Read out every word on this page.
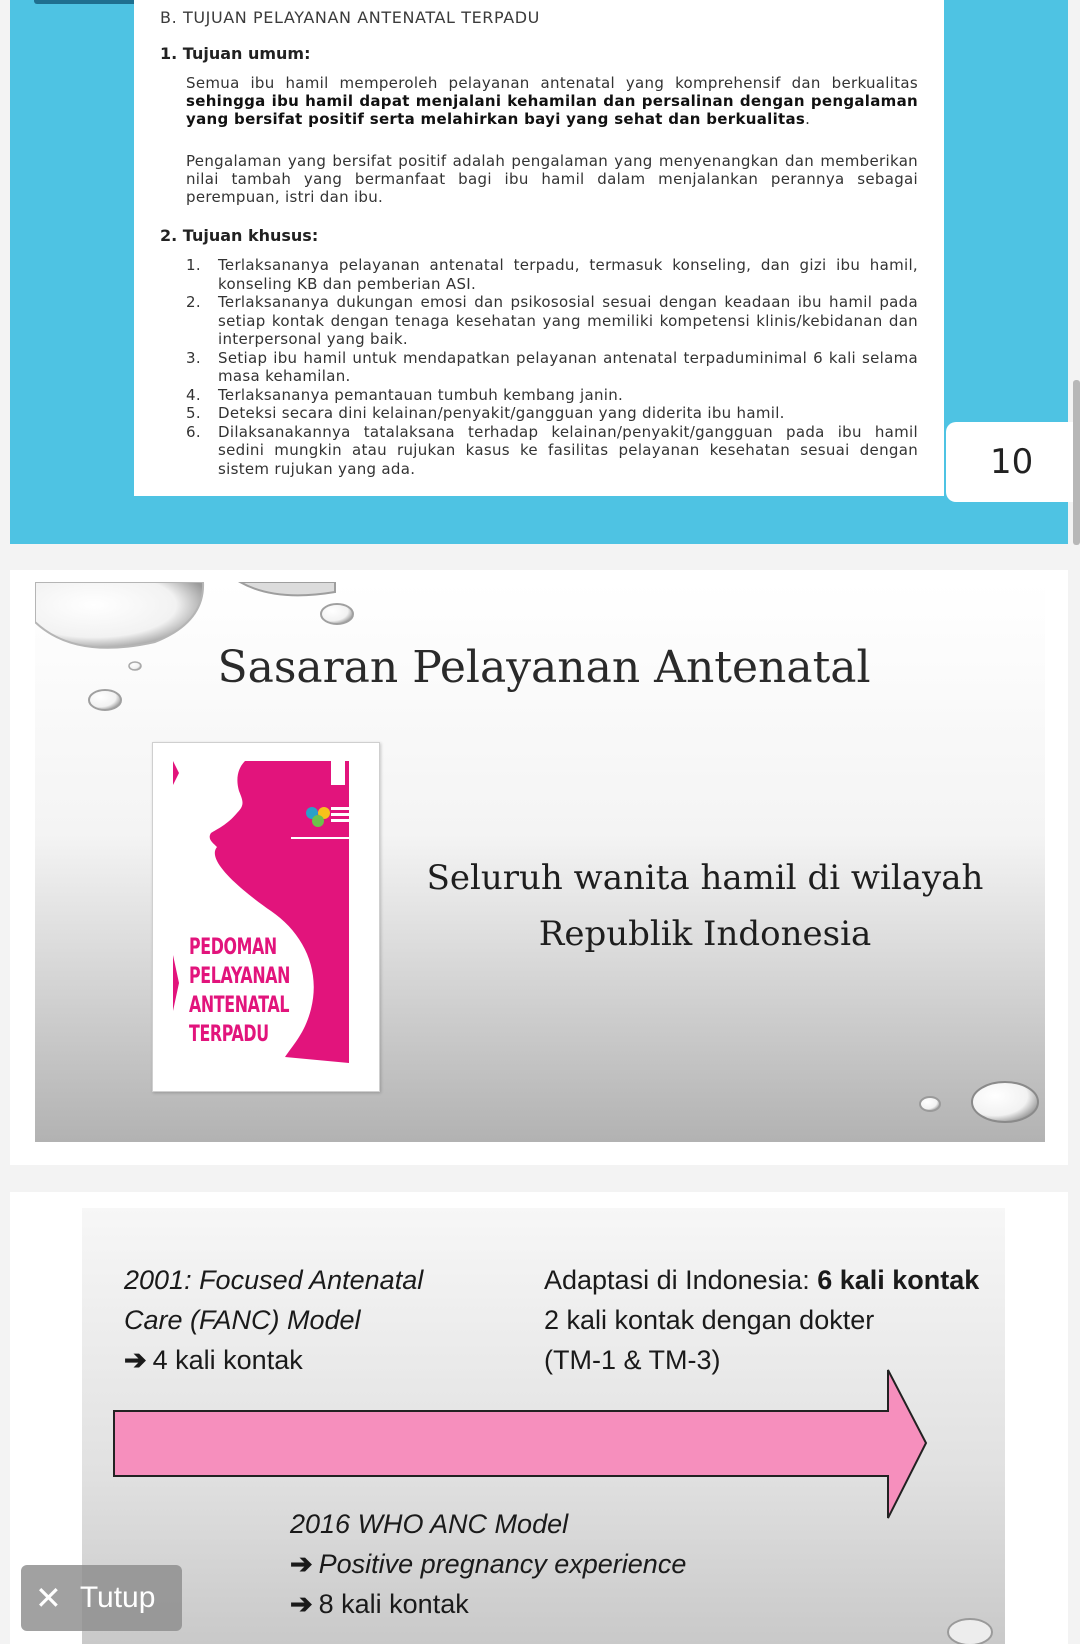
B. TUJUAN PELAYANAN ANTENATAL TERPADU
1. Tujuan umum:
Semua ibu hamil memperoleh pelayanan antenatal yang komprehensif dan berkualitas sehingga ibu hamil dapat menjalani kehamilan dan persalinan dengan pengalaman yang bersifat positif serta melahirkan bayi yang sehat dan berkualitas.
Pengalaman yang bersifat positif adalah pengalaman yang menyenangkan dan memberikan nilai tambah yang bermanfaat bagi ibu hamil dalam menjalankan perannya sebagai perempuan, istri dan ibu.
2. Tujuan khusus:
1. Terlaksananya pelayanan antenatal terpadu, termasuk konseling, dan gizi ibu hamil, konseling KB dan pemberian ASI.
2. Terlaksananya dukungan emosi dan psikososial sesuai dengan keadaan ibu hamil pada setiap kontak dengan tenaga kesehatan yang memiliki kompetensi klinis/kebidanan dan interpersonal yang baik.
3. Setiap ibu hamil untuk mendapatkan pelayanan antenatal terpaduminimal 6 kali selama masa kehamilan.
4. Terlaksananya pemantauan tumbuh kembang janin.
5. Deteksi secara dini kelainan/penyakit/gangguan yang diderita ibu hamil.
6. Dilaksanakannya tatalaksana terhadap kelainan/penyakit/gangguan pada ibu hamil sedini mungkin atau rujukan kasus ke fasilitas pelayanan kesehatan sesuai dengan sistem rujukan yang ada.	10
Sasaran Pelayanan Antenatal
PEDOMAN
PELAYANAN
ANTENATAL
TERPADU
Seluruh wanita hamil di wilayah
Republik Indonesia
2001: Focused Antenatal
Care (FANC) Model
➔ 4 kali kontak
Adaptasi di Indonesia: 6 kali kontak
2 kali kontak dengan dokter
(TM-1 & TM-3)
2016 WHO ANC Model
➔ Positive pregnancy experience
➔ 8 kali kontak
✕ Tutup
